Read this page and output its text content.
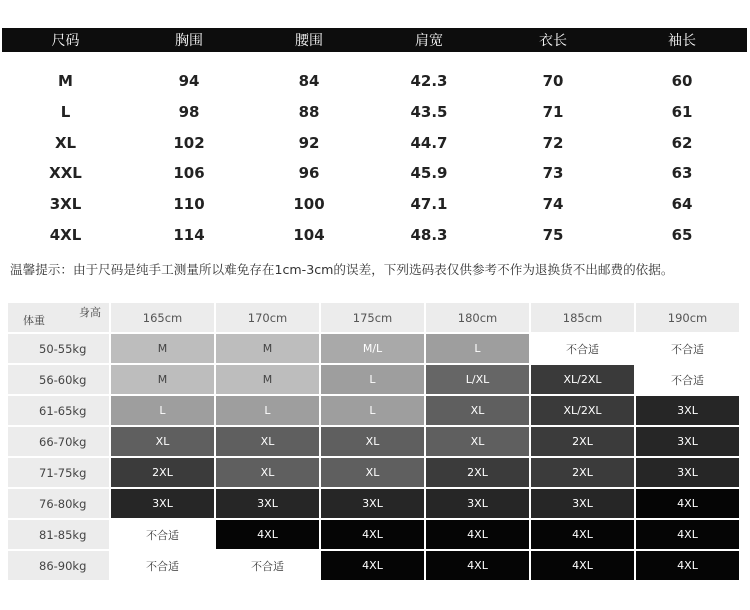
尺码	胸围	腰围	肩宽	衣长	袖长
M	94	84	42.3	70	60
L	98	88	43.5	71	61
XL	102	92	44.7	72	62
XXL	106	96	45.9	73	63
3XL	110	100	47.1	74	64
4XL	114	104	48.3	75	65
温馨提示：由于尺码是纯手工测量所以难免存在1cm-3cm的误差，下列选码表仅供参考不作为退换货不出邮费的依据。
身高
体重	165cm	170cm	175cm	180cm	185cm	190cm
50-55kg	M	M	M/L	L	不合适	不合适
56-60kg	M	M	L	L/XL	XL/2XL	不合适
61-65kg	L	L	L	XL	XL/2XL	3XL
66-70kg	XL	XL	XL	XL	2XL	3XL
71-75kg	2XL	XL	XL	2XL	2XL	3XL
76-80kg	3XL	3XL	3XL	3XL	3XL	4XL
81-85kg	不合适	4XL	4XL	4XL	4XL	4XL
86-90kg	不合适	不合适	4XL	4XL	4XL	4XL
